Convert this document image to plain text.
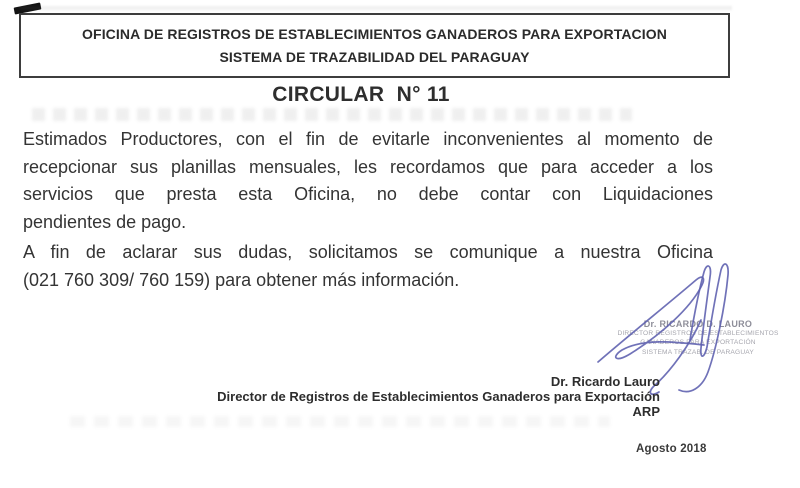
OFICINA DE REGISTROS DE ESTABLECIMIENTOS GANADEROS PARA EXPORTACION
SISTEMA DE TRAZABILIDAD DEL PARAGUAY
CIRCULAR  N° 11
Estimados Productores, con el fin de evitarle inconvenientes al momento de
recepcionar sus planillas mensuales, les recordamos que para acceder a los
servicios que presta esta Oficina, no debe contar con Liquidaciones
pendientes de pago.
A fin de aclarar sus dudas, solicitamos se comunique a nuestra Oficina
(021 760 309/ 760 159) para obtener más información.
Dr. RICARDO D. LAURO
DIRECTOR REGISTROS DE ESTABLECIMIENTOS
GANADEROS PARA EXPORTACIÓN
SISTEMA TRAZAB. DE PARAGUAY
Dr. Ricardo Lauro
Director de Registros de Establecimientos Ganaderos para Exportación
ARP
Agosto 2018
